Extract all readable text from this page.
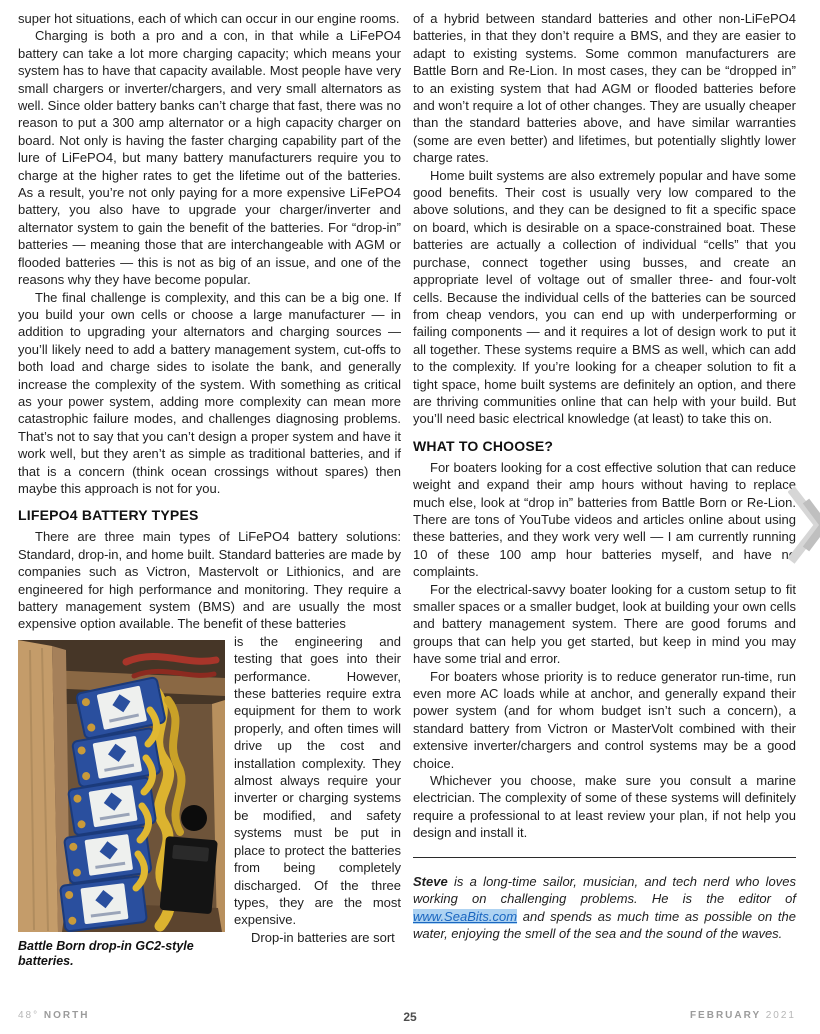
super hot situations, each of which can occur in our engine rooms.

Charging is both a pro and a con, in that while a LiFePO4 battery can take a lot more charging capacity; which means your system has to have that capacity available. Most people have very small chargers or inverter/chargers, and very small alternators as well. Since older battery banks can’t charge that fast, there was no reason to put a 300 amp alternator or a high capacity charger on board. Not only is having the faster charging capability part of the lure of LiFePO4, but many battery manufacturers require you to charge at the higher rates to get the lifetime out of the batteries. As a result, you’re not only paying for a more expensive LiFePO4 battery, you also have to upgrade your charger/inverter and alternator system to gain the benefit of the batteries. For “drop-in” batteries — meaning those that are interchangeable with AGM or flooded batteries — this is not as big of an issue, and one of the reasons why they have become popular.

The final challenge is complexity, and this can be a big one. If you build your own cells or choose a large manufacturer — in addition to upgrading your alternators and charging sources — you’ll likely need to add a battery management system, cut-offs to both load and charge sides to isolate the bank, and generally increase the complexity of the system. With something as critical as your power system, adding more complexity can mean more catastrophic failure modes, and challenges diagnosing problems. That’s not to say that you can’t design a proper system and have it work well, but they aren’t as simple as traditional batteries, and if that is a concern (think ocean crossings without spares) then maybe this approach is not for you.

LIFEPO4 BATTERY TYPES

There are three main types of LiFePO4 battery solutions: Standard, drop-in, and home built. Standard batteries are made by companies such as Victron, Mastervolt or Lithionics, and are engineered for high performance and monitoring. They require a battery management system (BMS) and are usually the most expensive option available. The benefit of these batteries

Battle Born drop-in GC2-style batteries.

is the engineering and testing that goes into their performance. However, these batteries require extra equipment for them to work properly, and often times will drive up the cost and installation complexity. They almost always require your inverter or charging systems be modified, and safety systems must be put in place to protect the batteries from being completely discharged. Of the three types, they are the most expensive.

Drop-in batteries are sort

of a hybrid between standard batteries and other non-LiFePO4 batteries, in that they don’t require a BMS, and they are easier to adapt to existing systems. Some common manufacturers are Battle Born and Re-Lion. In most cases, they can be “dropped in” to an existing system that had AGM or flooded batteries before and won’t require a lot of other changes. They are usually cheaper than the standard batteries above, and have similar warranties (some are even better) and lifetimes, but potentially slightly lower charge rates.

Home built systems are also extremely popular and have some good benefits. Their cost is usually very low compared to the above solutions, and they can be designed to fit a specific space on board, which is desirable on a space-constrained boat. These batteries are actually a collection of individual “cells” that you purchase, connect together using busses, and create an appropriate level of voltage out of smaller three- and four-volt cells. Because the individual cells of the batteries can be sourced from cheap vendors, you can end up with underperforming or failing components — and it requires a lot of design work to put it all together. These systems require a BMS as well, which can add to the complexity. If you’re looking for a cheaper solution to fit a tight space, home built systems are definitely an option, and there are thriving communities online that can help with your build. But you’ll need basic electrical knowledge (at least) to take this on.

WHAT TO CHOOSE?

For boaters looking for a cost effective solution that can reduce weight and expand their amp hours without having to replace much else, look at “drop in” batteries from Battle Born or Re-Lion. There are tons of YouTube videos and articles online about using these batteries, and they work very well — I am currently running 10 of these 100 amp hour batteries myself, and have no complaints.

For the electrical-savvy boater looking for a custom setup to fit smaller spaces or a smaller budget, look at building your own cells and battery management system. There are good forums and groups that can help you get started, but keep in mind you may have some trial and error.

For boaters whose priority is to reduce generator run-time, run even more AC loads while at anchor, and generally expand their power system (and for whom budget isn’t such a concern), a standard battery from Victron or MasterVolt combined with their extensive inverter/chargers and control systems may be a good choice.

Whichever you choose, make sure you consult a marine electrician. The complexity of some of these systems will definitely require a professional to at least review your plan, if not help you design and install it.

Steve is a long-time sailor, musician, and tech nerd who loves working on challenging problems. He is the editor of www.SeaBits.com and spends as much time as possible on the water, enjoying the smell of the sea and the sound of the waves.
48° NORTH	25	FEBRUARY 2021
